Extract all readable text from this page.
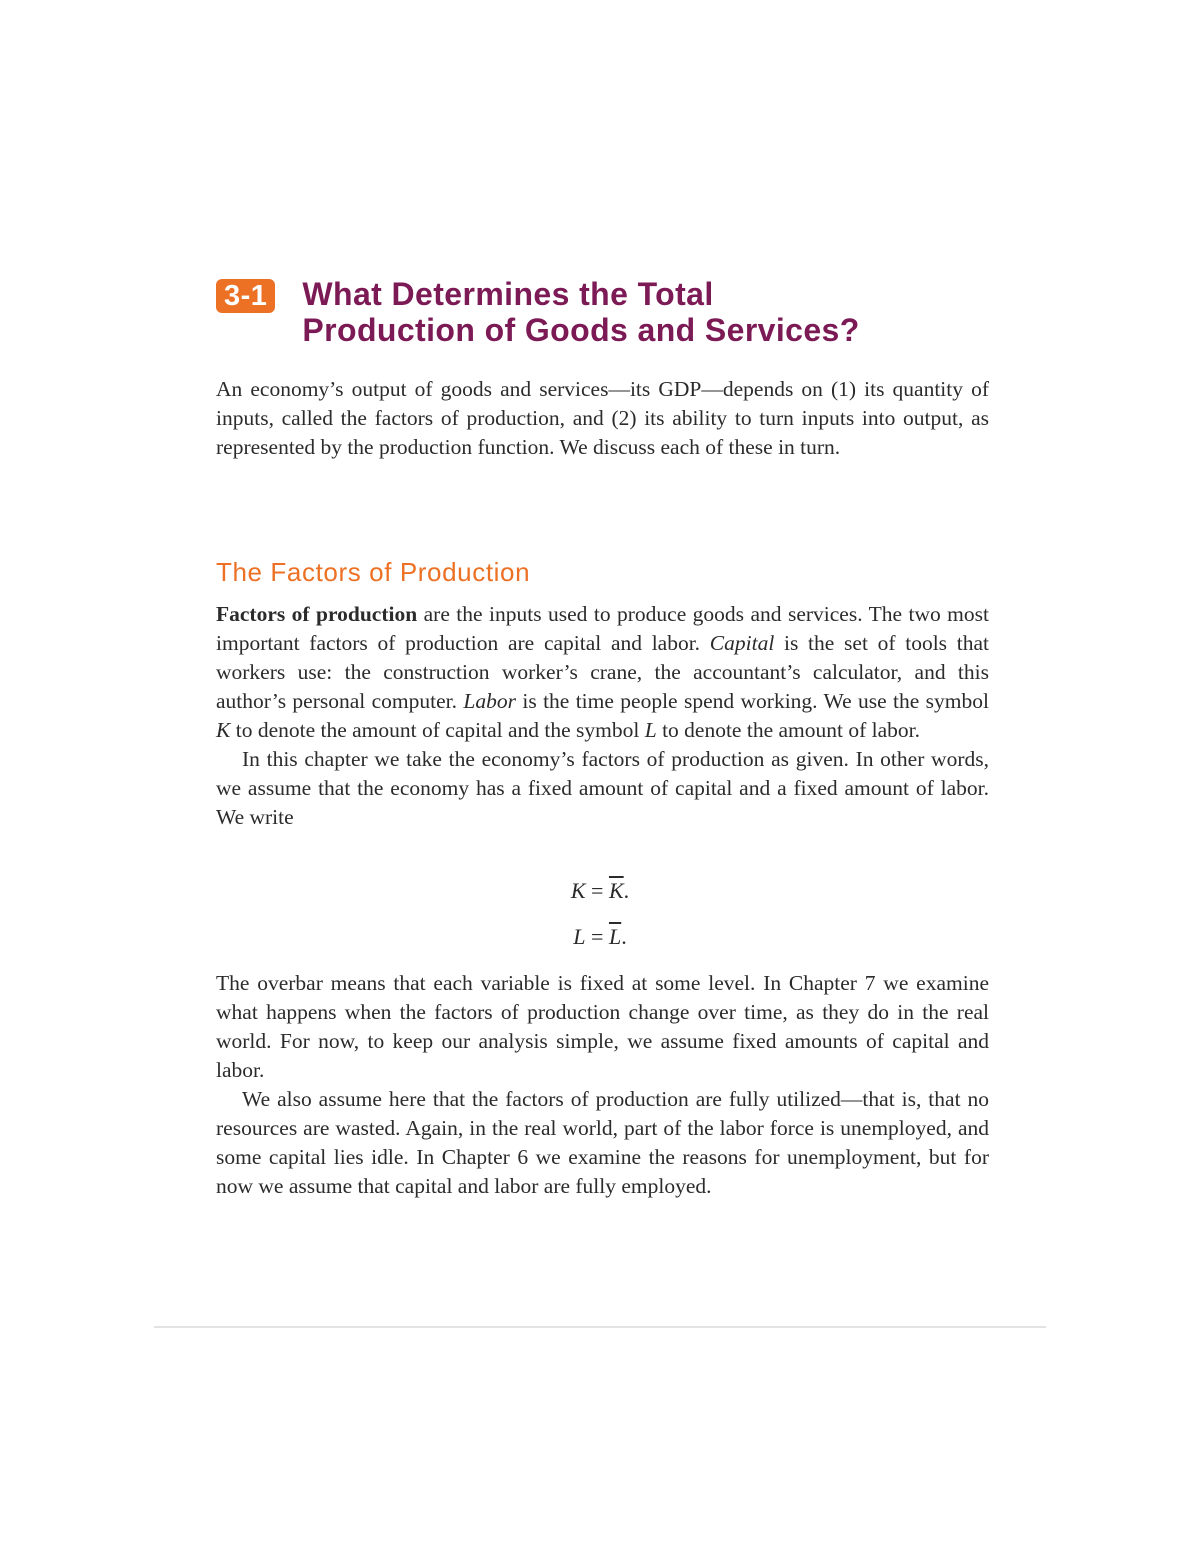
3-1 What Determines the Total
Production of Goods and Services?

An economy’s output of goods and services—its GDP—depends on (1) its quantity of inputs, called the factors of production, and (2) its ability to turn inputs into output, as represented by the production function. We discuss each of these in turn.

The Factors of Production

Factors of production are the inputs used to produce goods and services. The two most important factors of production are capital and labor. Capital is the set of tools that workers use: the construction worker’s crane, the accountant’s calculator, and this author’s personal computer. Labor is the time people spend working. We use the symbol K to denote the amount of capital and the symbol L to denote the amount of labor.

In this chapter we take the economy’s factors of production as given. In other words, we assume that the economy has a fixed amount of capital and a fixed amount of labor. We write

$K = \overline{K}$.
$L = \overline{L}$.

The overbar means that each variable is fixed at some level. In Chapter 7 we examine what happens when the factors of production change over time, as they do in the real world. For now, to keep our analysis simple, we assume fixed amounts of capital and labor.

We also assume here that the factors of production are fully utilized—that is, that no resources are wasted. Again, in the real world, part of the labor force is unemployed, and some capital lies idle. In Chapter 6 we examine the reasons for unemployment, but for now we assume that capital and labor are fully employed.
